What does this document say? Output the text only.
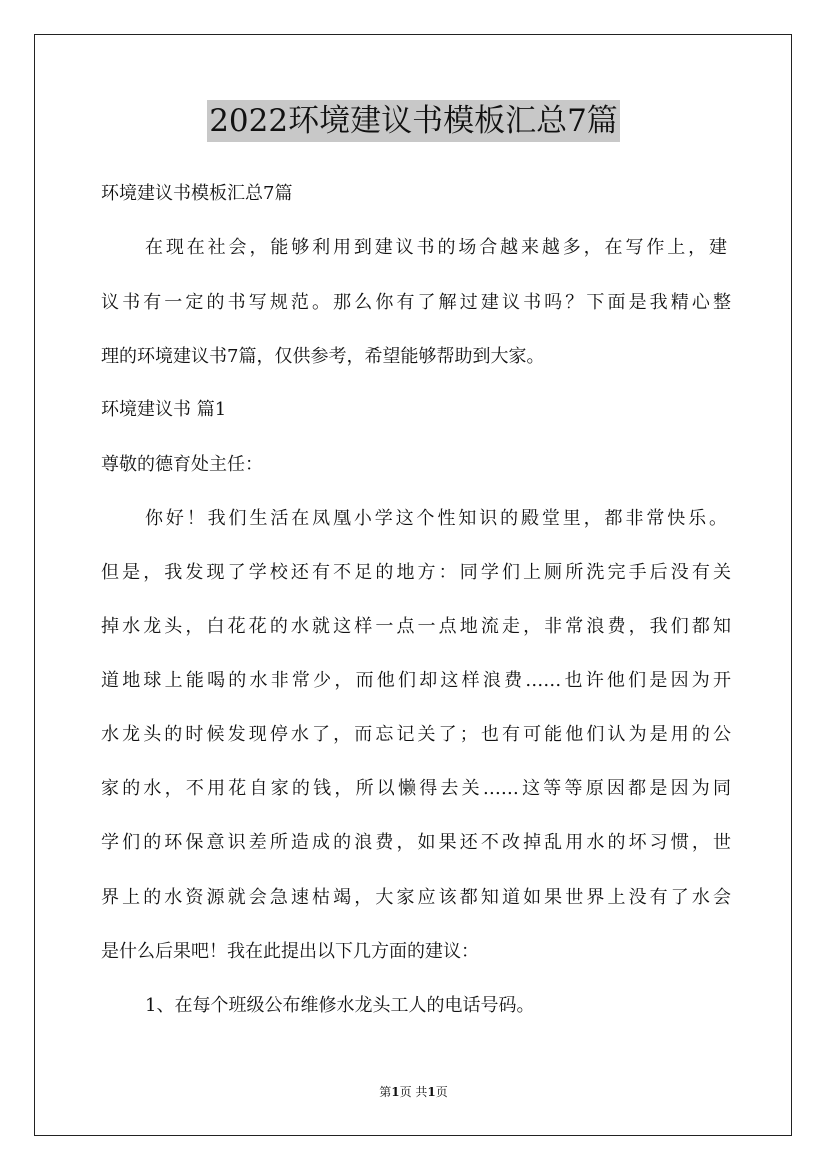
2022环境建议书模板汇总7篇
环境建议书模板汇总7篇
在现在社会，能够利用到建议书的场合越来越多，在写作上，建
议书有一定的书写规范。那么你有了解过建议书吗？下面是我精心整
理的环境建议书7篇，仅供参考，希望能够帮助到大家。
环境建议书 篇1
尊敬的德育处主任：
你好！我们生活在凤凰小学这个性知识的殿堂里，都非常快乐。
但是，我发现了学校还有不足的地方：同学们上厕所洗完手后没有关
掉水龙头，白花花的水就这样一点一点地流走，非常浪费，我们都知
道地球上能喝的水非常少，而他们却这样浪费……也许他们是因为开
水龙头的时候发现停水了，而忘记关了；也有可能他们认为是用的公
家的水，不用花自家的钱，所以懒得去关……这等等原因都是因为同
学们的环保意识差所造成的浪费，如果还不改掉乱用水的坏习惯，世
界上的水资源就会急速枯竭，大家应该都知道如果世界上没有了水会
是什么后果吧！我在此提出以下几方面的建议：
1、在每个班级公布维修水龙头工人的电话号码。
第1页 共1页
